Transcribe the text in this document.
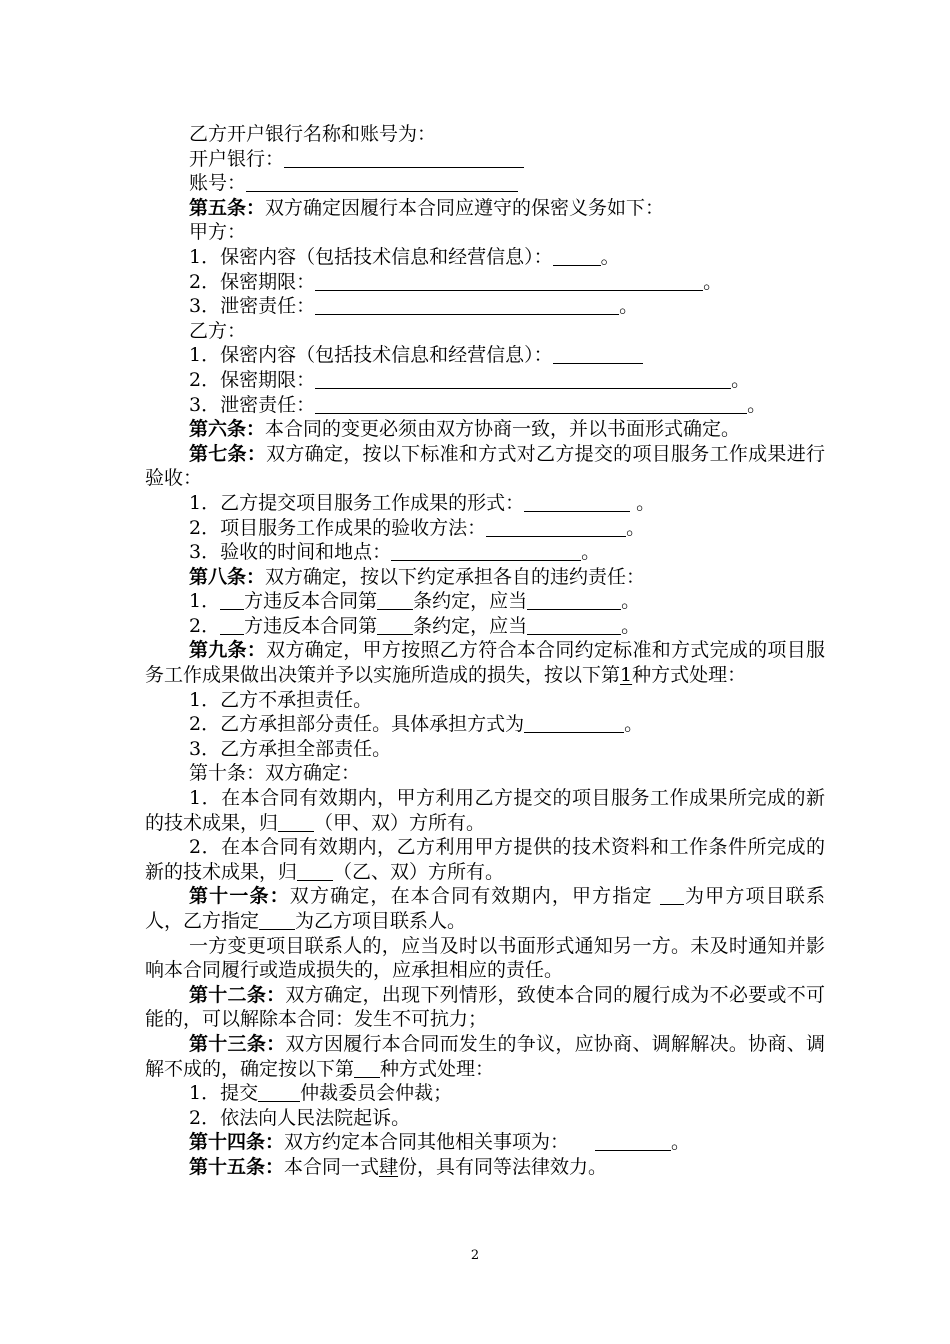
乙方开户银行名称和账号为：
开户银行：
账号：
第五条：双方确定因履行本合同应遵守的保密义务如下：
甲方：
1．保密内容（包括技术信息和经营信息）：	。
2．保密期限：	。
3．泄密责任：	。
乙方：
1．保密内容（包括技术信息和经营信息）：
2．保密期限：	。
3．泄密责任：	。
第六条：本合同的变更必须由双方协商一致，并以书面形式确定。
第七条：双方确定，按以下标准和方式对乙方提交的项目服务工作成果进行验收：
1．乙方提交项目服务工作成果的形式：	。
2．项目服务工作成果的验收方法：	。
3．验收的时间和地点：	。
第八条：双方确定，按以下约定承担各自的违约责任：
1． 方违反本合同第 条约定，应当	。
2． 方违反本合同第 条约定，应当	。
第九条：双方确定，甲方按照乙方符合本合同约定标准和方式完成的项目服务工作成果做出决策并予以实施所造成的损失，按以下第1种方式处理：
1．乙方不承担责任。
2．乙方承担部分责任。具体承担方式为	。
3．乙方承担全部责任。
第十条：双方确定：
1．在本合同有效期内，甲方利用乙方提交的项目服务工作成果所完成的新的技术成果，归 （甲、双）方所有。
2．在本合同有效期内，乙方利用甲方提供的技术资料和工作条件所完成的新的技术成果，归 （乙、双）方所有。
第十一条：双方确定，在本合同有效期内，甲方指定 为甲方项目联系人，乙方指定 为乙方项目联系人。
一方变更项目联系人的，应当及时以书面形式通知另一方。未及时通知并影响本合同履行或造成损失的，应承担相应的责任。
第十二条：双方确定，出现下列情形，致使本合同的履行成为不必要或不可能的，可以解除本合同：发生不可抗力；
第十三条：双方因履行本合同而发生的争议，应协商、调解解决。协商、调解不成的，确定按以下第 种方式处理：
1．提交 仲裁委员会仲裁；
2．依法向人民法院起诉。
第十四条：双方约定本合同其他相关事项为：	。
第十五条：本合同一式肆份，具有同等法律效力。
2
